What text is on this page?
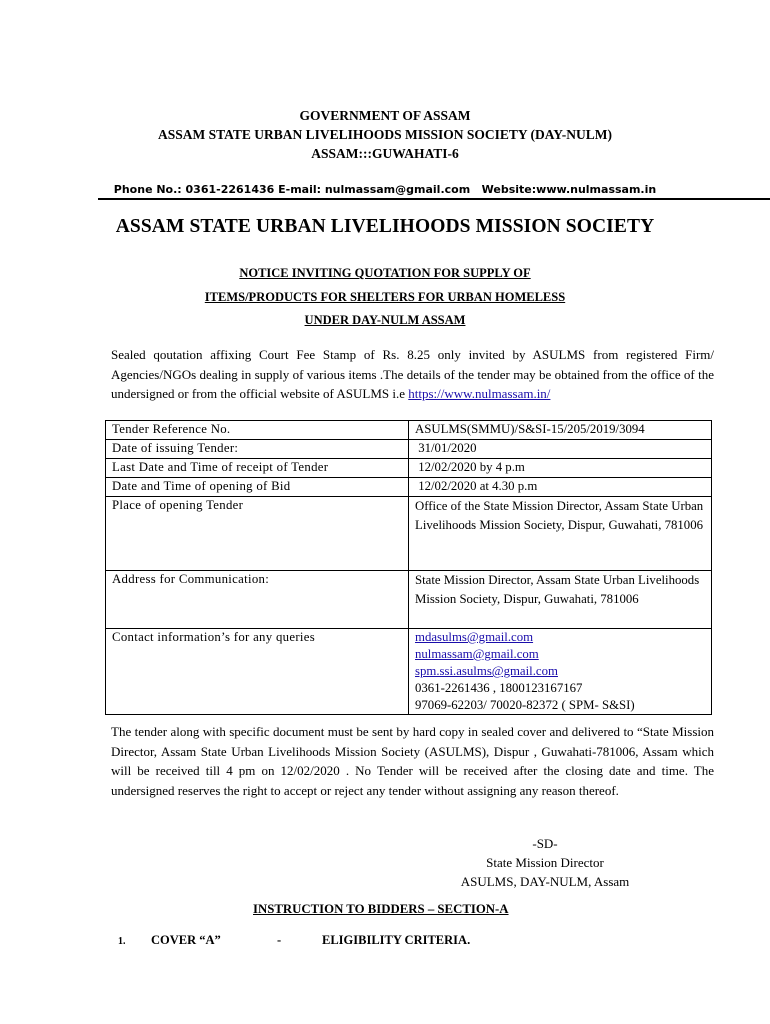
GOVERNMENT OF ASSAM
ASSAM STATE URBAN LIVELIHOODS MISSION SOCIETY (DAY-NULM)
ASSAM:::GUWAHATI-6
Phone No.: 0361-2261436 E-mail: nulmassam@gmail.com   Website:www.nulmassam.in
ASSAM STATE URBAN LIVELIHOODS MISSION SOCIETY
NOTICE INVITING QUOTATION FOR SUPPLY OF
ITEMS/PRODUCTS FOR SHELTERS FOR URBAN HOMELESS
UNDER DAY-NULM ASSAM
Sealed qoutation affixing Court Fee Stamp of Rs. 8.25 only invited by ASULMS from registered Firm/ Agencies/NGOs dealing in supply of various items .The details of the tender may be obtained from the office of the undersigned or from the official website of ASULMS i.e https://www.nulmassam.in/
Tender Reference No.	ASULMS(SMMU)/S&SI-15/205/2019/3094
Date of issuing Tender:	31/01/2020
Last Date and Time of receipt of Tender	12/02/2020 by 4 p.m
Date and Time of opening of Bid	12/02/2020 at 4.30 p.m
Place of opening Tender	Office of the State Mission Director, Assam State Urban Livelihoods Mission Society, Dispur, Guwahati, 781006
Address for Communication:	State Mission Director, Assam State Urban Livelihoods Mission Society, Dispur, Guwahati, 781006
Contact information’s for any queries	mdasulms@gmail.com
nulmassam@gmail.com
spm.ssi.asulms@gmail.com
0361-2261436 , 1800123167167
97069-62203/ 70020-82372 ( SPM- S&SI)
The tender along with specific document must be sent by hard copy in sealed cover and delivered to “State Mission Director, Assam State Urban Livelihoods Mission Society (ASULMS), Dispur , Guwahati-781006, Assam which will be received till 4 pm on 12/02/2020 . No Tender will be received after the closing date and time. The undersigned reserves the right to accept or reject any tender without assigning any reason thereof.
-SD-
State Mission Director
ASULMS, DAY-NULM, Assam
INSTRUCTION TO BIDDERS – SECTION-A
1. COVER “A”	-	ELIGIBILITY CRITERIA.
